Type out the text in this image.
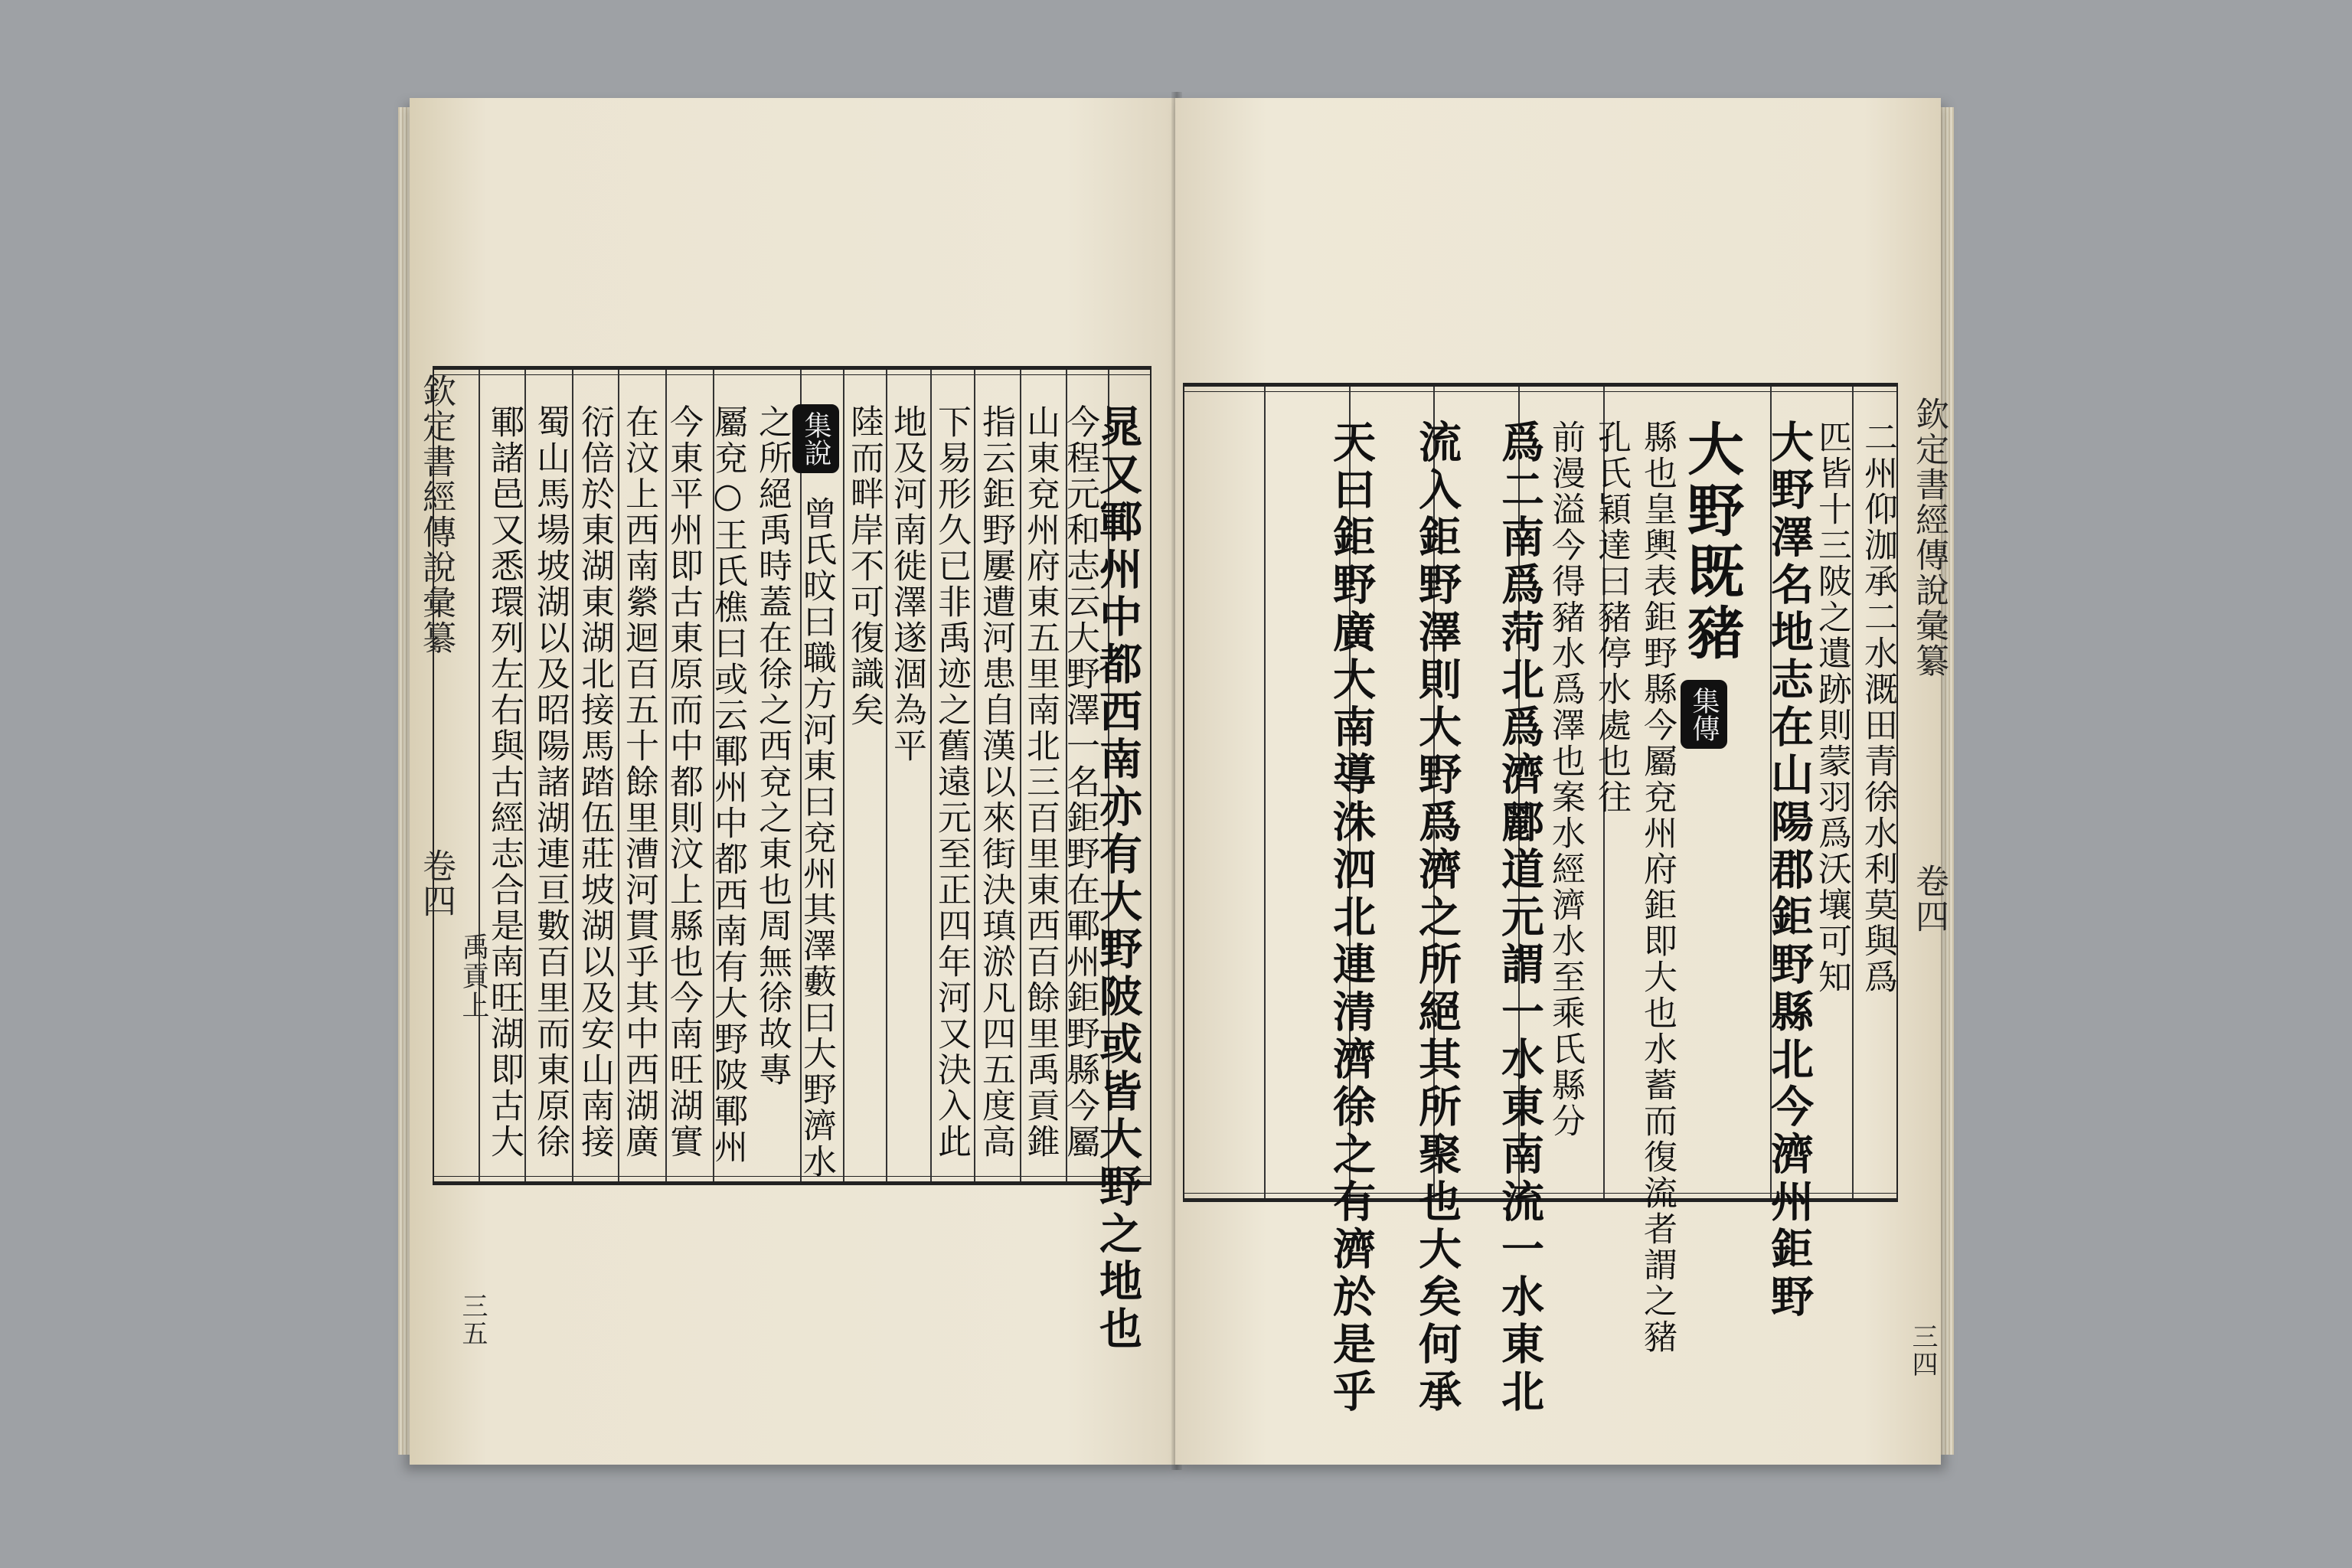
欽定書經傳說彙纂
卷四
禹貢上
三五	晁又鄆州中都西南亦有大野陂或皆大野之地也
今程元和志云大野澤一名鉅野在鄆州鉅野縣今屬
山東兗州府東五里南北三百里東西百餘里禹貢錐
指云鉅野屢遭河患自漢以來街決瑱淤凡四五度高
下易形久已非禹迹之舊遠元至正四年河又決入此
地及河南徙澤遂涸為平
陸而畔岸不可復識矣
集說
曾氏旼曰職方河東曰兗州其澤藪曰大野濟水
之所絕禹時蓋在徐之西兗之東也周無徐故專
屬兗○王氏樵曰或云鄆州中都西南有大野陂鄆州
今東平州即古東原而中都則汶上縣也今南旺湖實
在汶上西南縈迴百五十餘里漕河貫乎其中西湖廣
衍倍於東湖東湖北接馬踏伍莊坡湖以及安山南接
蜀山馬場坡湖以及昭陽諸湖連亘數百里而東原徐
鄆諸邑又悉環列左右與古經志合是南旺湖即古大	欽定書經傳說彙纂
卷四
三四
二州仰泇承二水溉田青徐水利莫與爲
匹皆十三陂之遺跡則蒙羽爲沃壤可知
大野既豬 大野澤名地志在山陽郡鉅野縣北今濟州鉅野
集傳
縣也皇輿表鉅野縣今屬兗州府鉅即大也水蓄而復流者謂之豬
孔氏穎達曰豬停水處也往
前漫溢今得豬水爲澤也案水經濟水至乘氏縣分
爲二南爲菏北爲濟酈道元謂一水東南流一水東北
流入鉅野澤則大野爲濟之所絕其所聚也大矣何承
天曰鉅野廣大南導洙泗北連清濟徐之有濟於是乎
